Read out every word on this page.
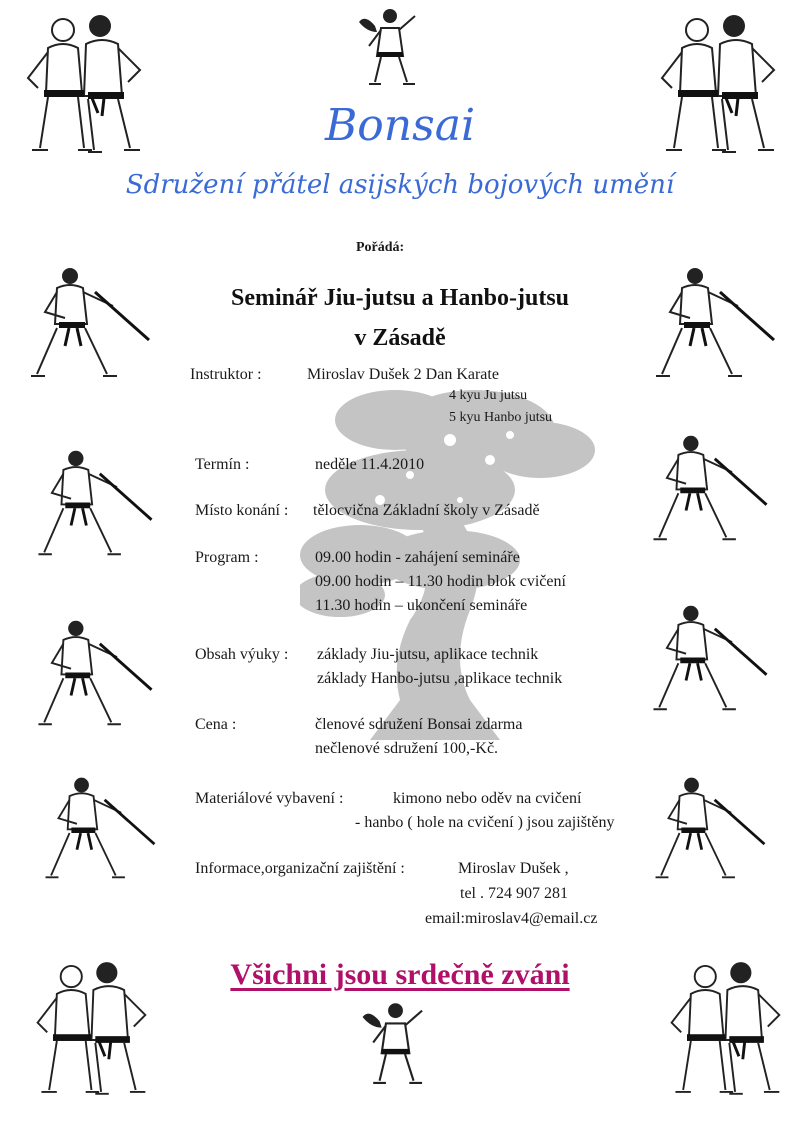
Bonsai
Sdružení přátel asijských bojových umění
Pořádá:
Seminář Jiu-jutsu a Hanbo-jutsu
v Zásadě
Instruktor :	Miroslav Dušek 2 Dan Karate
4 kyu Ju jutsu
5 kyu Hanbo jutsu
Termín :	neděle 11.4.2010
Místo konání : tělocvična Základní školy v Zásadě
Program :	09.00 hodin - zahájení semináře
09.00 hodin – 11.30 hodin blok cvičení
11.30 hodin – ukončení semináře
Obsah výuky : základy Jiu-jutsu, aplikace technik
základy Hanbo-jutsu ,aplikace technik
Cena :	členové sdružení Bonsai zdarma
nečlenové sdružení 100,-Kč.
Materiálové vybavení :	kimono nebo oděv na cvičení
- hanbo ( hole na cvičení ) jsou zajištěny
Informace,organizační zajištění :	Miroslav Dušek ,
tel . 724 907 281
email:miroslav4@email.cz
Všichni jsou srdečně zváni
